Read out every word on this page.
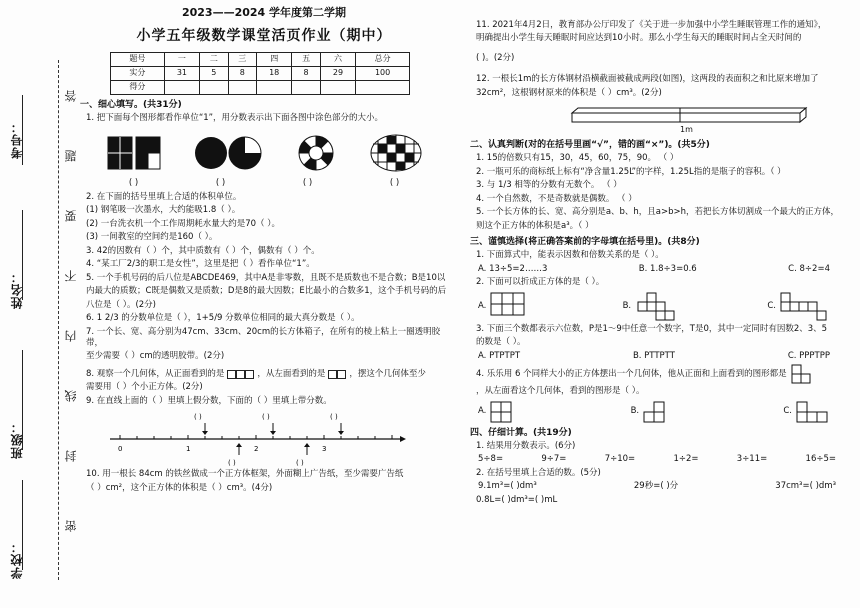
考号：
姓名：
班级：
学校：
答
题
要
不
内
线
封
密
2023——2024 学年度第二学期
小学五年级数学课堂活页作业（期中）
题号	一	二	三	四	五	六	总分
实分	31	5	8	18	8	29	100
得分							
一、细心填写。(共31分)
1. 把下面每个图形都看作单位“1”，用分数表示出下面各图中涂色部分的大小。
( )	( )	( )	( )
2. 在下面的括号里填上合适的体积单位。
(1) 钢笔吸一次墨水，大约能吸1.8（ ）。
(2) 一台洗衣机一个工作周期耗水量大约是70（ ）。
(3) 一间教室的空间约是160（ ）。
3. 42的因数有（ ）个，其中质数有（ ）个，偶数有（ ）个。
4. “某工厂2/3的职工是女性”，这里是把（ ）看作单位“1”。
5. 一个手机号码的后八位是ABCDE469，其中A是非零数，且既不是质数也不是合数；B是10以
内最大的质数；C既是偶数又是质数；D是8的最大因数；E比最小的合数多1，这个手机号码的后
八位是（ ）。(2分)
6. 1 2/3 的分数单位是（ ），1+5/9 分数单位相同的最大真分数是（ ）。
7. 一个长、宽、高分别为47cm、33cm、20cm的长方体箱子，在所有的棱上粘上一圈透明胶带，
至少需要（ ）cm的透明胶带。(2分)
8. 观察一个几何体，从正面看到的是	，从左面看到的是	，摆这个几何体至少
需要用（ ）个小正方体。(2分)
9. 在直线上面的（ ）里填上假分数，下面的（ ）里填上带分数。
( )	( )	( )
( )	( )
0	1	2	3
10. 用一根长 84cm 的铁丝做成一个正方体框架，外面糊上广告纸，至少需要广告纸
（ ）cm²，这个正方体的体积是（ ）cm³。(4分)
11. 2021年4月2日，教育部办公厅印发了《关于进一步加强中小学生睡眠管理工作的通知》，
明确提出小学生每天睡眠时间应达到10小时。那么小学生每天的睡眠时间占全天时间的
( )。(2分)
12. 一根长1m的长方体钢材沿横截面被截成两段(如图)，这两段的表面积之和比原来增加了
32cm²，这根钢材原来的体积是（ ）cm³。(2分)
1m
二、认真判断(对的在括号里画“√”，错的画“×”)。(共5分)
1. 15的倍数只有15，30，45，60，75，90。 （ ）
2. 一瓶可乐的商标纸上标有“净含量1.25L”的字样，1.25L指的是瓶子的容积。（ ）
3. 与 1/3 相等的分数有无数个。 （ ）
4. 一个自然数，不是奇数就是偶数。 （ ）
5. 一个长方体的长、宽、高分别是a、b、h，且a>b>h，若把长方体切割成一个最大的正方体，
则这个正方体的体积是a³。（ ）
三、谨慎选择(将正确答案前的字母填在括号里)。(共8分)
1. 下面算式中，能表示因数和倍数关系的是（ ）。
A. 13÷5=2……3	B. 1.8÷3=0.6	C. 8÷2=4
2. 下面可以折成正方体的是（ ）。
A.	B.	C.
3. 下面三个数都表示六位数，P是1～9中任意一个数字，T是0，其中一定同时有因数2、3、5
的数是（ ）。
A. PTPTPT	B. PTTPTT	C. PPPTPP
4. 乐乐用 6 个同样大小的正方体摆出一个几何体，他从正面和上面看到的图形都是
，从左面看这个几何体，看到的图形是（ ）。
A.	B.	C.
四、仔细计算。(共19分)
1. 结果用分数表示。(6分)
5÷8=	9÷7=	7÷10=	1÷2=	3÷11=	16÷5=
2. 在括号里填上合适的数。(5分)
9.1m³=( )dm³	29秒=( )分	37cm³=( )dm³
0.8L=( )dm³=( )mL
